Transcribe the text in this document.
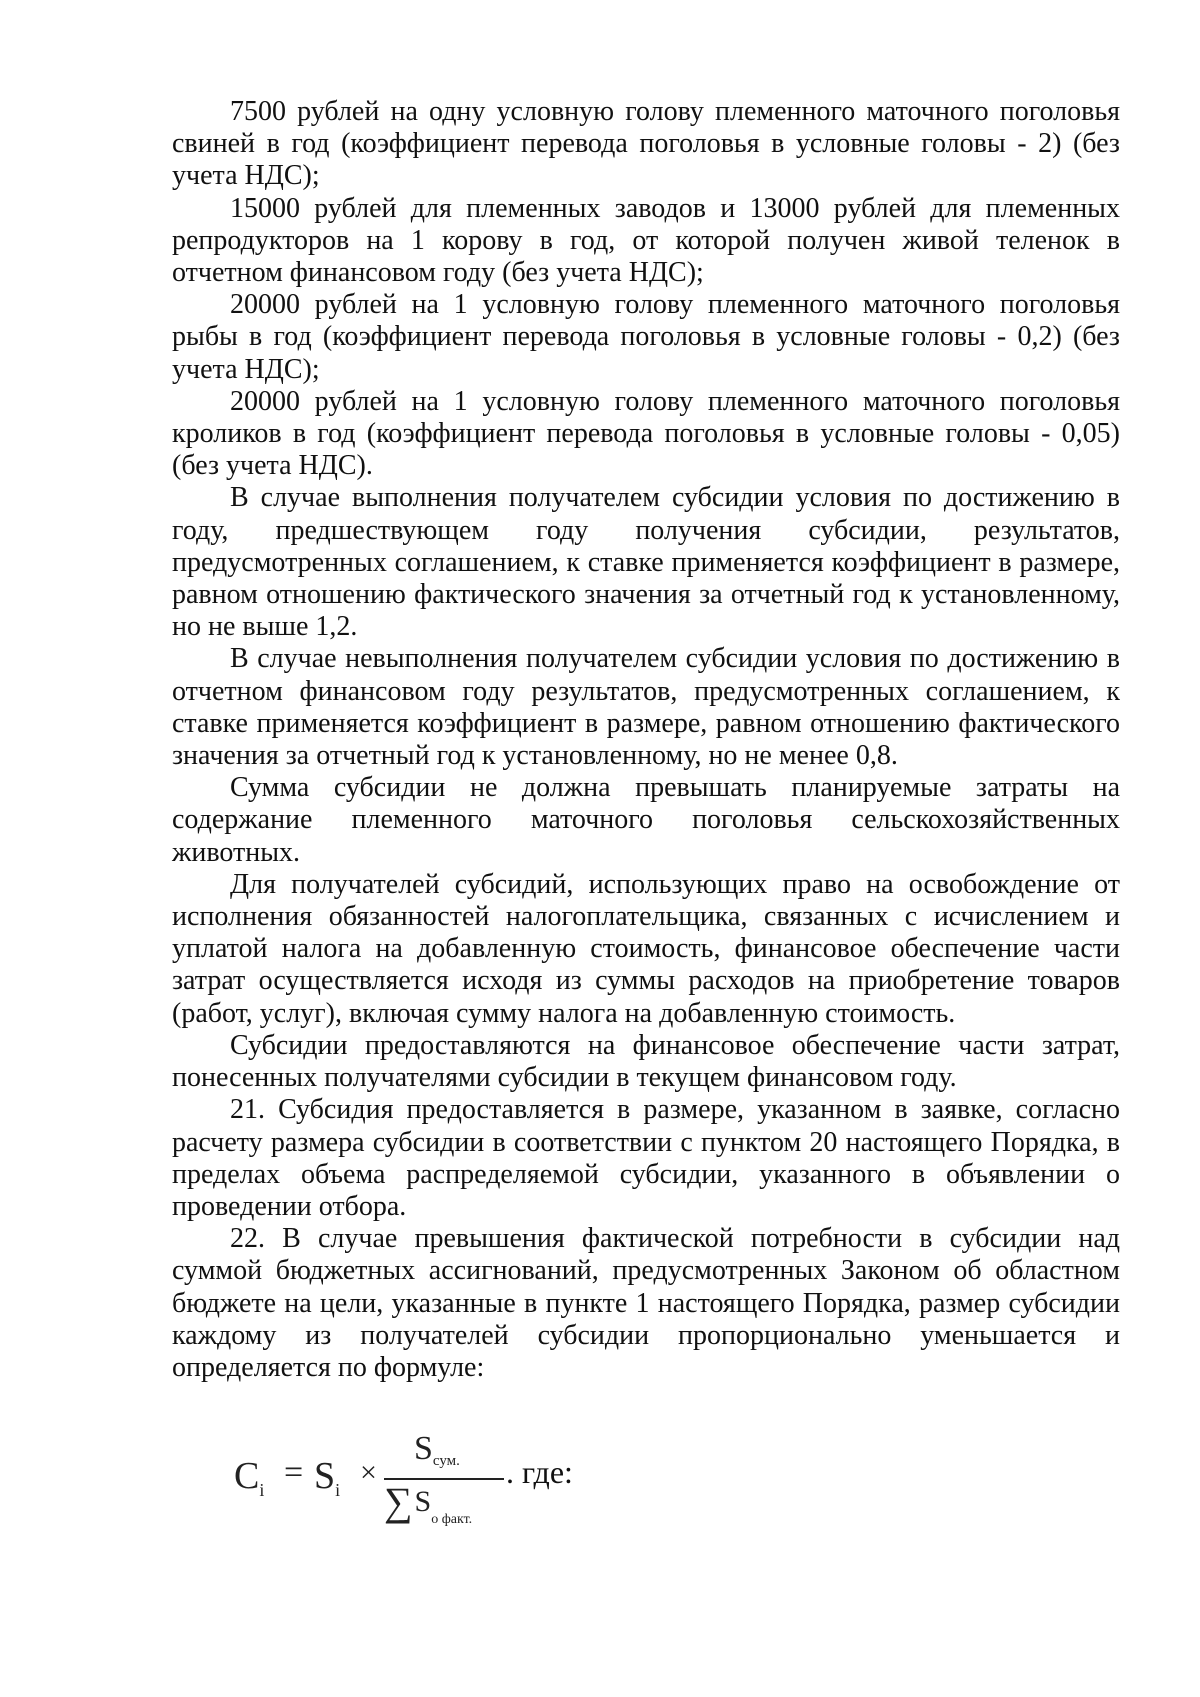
7500 рублей на одну условную голову племенного маточного поголовья свиней в год (коэффициент перевода поголовья в условные головы - 2) (без учета НДС);

15000 рублей для племенных заводов и 13000 рублей для племенных репродукторов на 1 корову в год, от которой получен живой теленок в отчетном финансовом году (без учета НДС);

20000 рублей на 1 условную голову племенного маточного поголовья рыбы в год (коэффициент перевода поголовья в условные головы - 0,2) (без учета НДС);

20000 рублей на 1 условную голову племенного маточного поголовья кроликов в год (коэффициент перевода поголовья в условные головы - 0,05) (без учета НДС).

В случае выполнения получателем субсидии условия по достижению в году, предшествующем году получения субсидии, результатов, предусмотренных соглашением, к ставке применяется коэффициент в размере, равном отношению фактического значения за отчетный год к установленному, но не выше 1,2.

В случае невыполнения получателем субсидии условия по достижению в отчетном финансовом году результатов, предусмотренных соглашением, к ставке применяется коэффициент в размере, равном отношению фактического значения за отчетный год к установленному, но не менее 0,8.

Сумма субсидии не должна превышать планируемые затраты на содержание племенного маточного поголовья сельскохозяйственных животных.

Для получателей субсидий, использующих право на освобождение от исполнения обязанностей налогоплательщика, связанных с исчислением и уплатой налога на добавленную стоимость, финансовое обеспечение части затрат осуществляется исходя из суммы расходов на приобретение товаров (работ, услуг), включая сумму налога на добавленную стоимость.

Субсидии предоставляются на финансовое обеспечение части затрат, понесенных получателями субсидии в текущем финансовом году.

21. Субсидия предоставляется в размере, указанном в заявке, согласно расчету размера субсидии в соответствии с пунктом 20 настоящего Порядка, в пределах объема распределяемой субсидии, указанного в объявлении о проведении отбора.

22. В случае превышения фактической потребности в субсидии над суммой бюджетных ассигнований, предусмотренных Законом об областном бюджете на цели, указанные в пункте 1 настоящего Порядка, размер субсидии каждому из получателей субсидии пропорционально уменьшается и определяется по формуле:

$C_i = S_i$
×
Sсум.
∑Sо факт.
. где:
